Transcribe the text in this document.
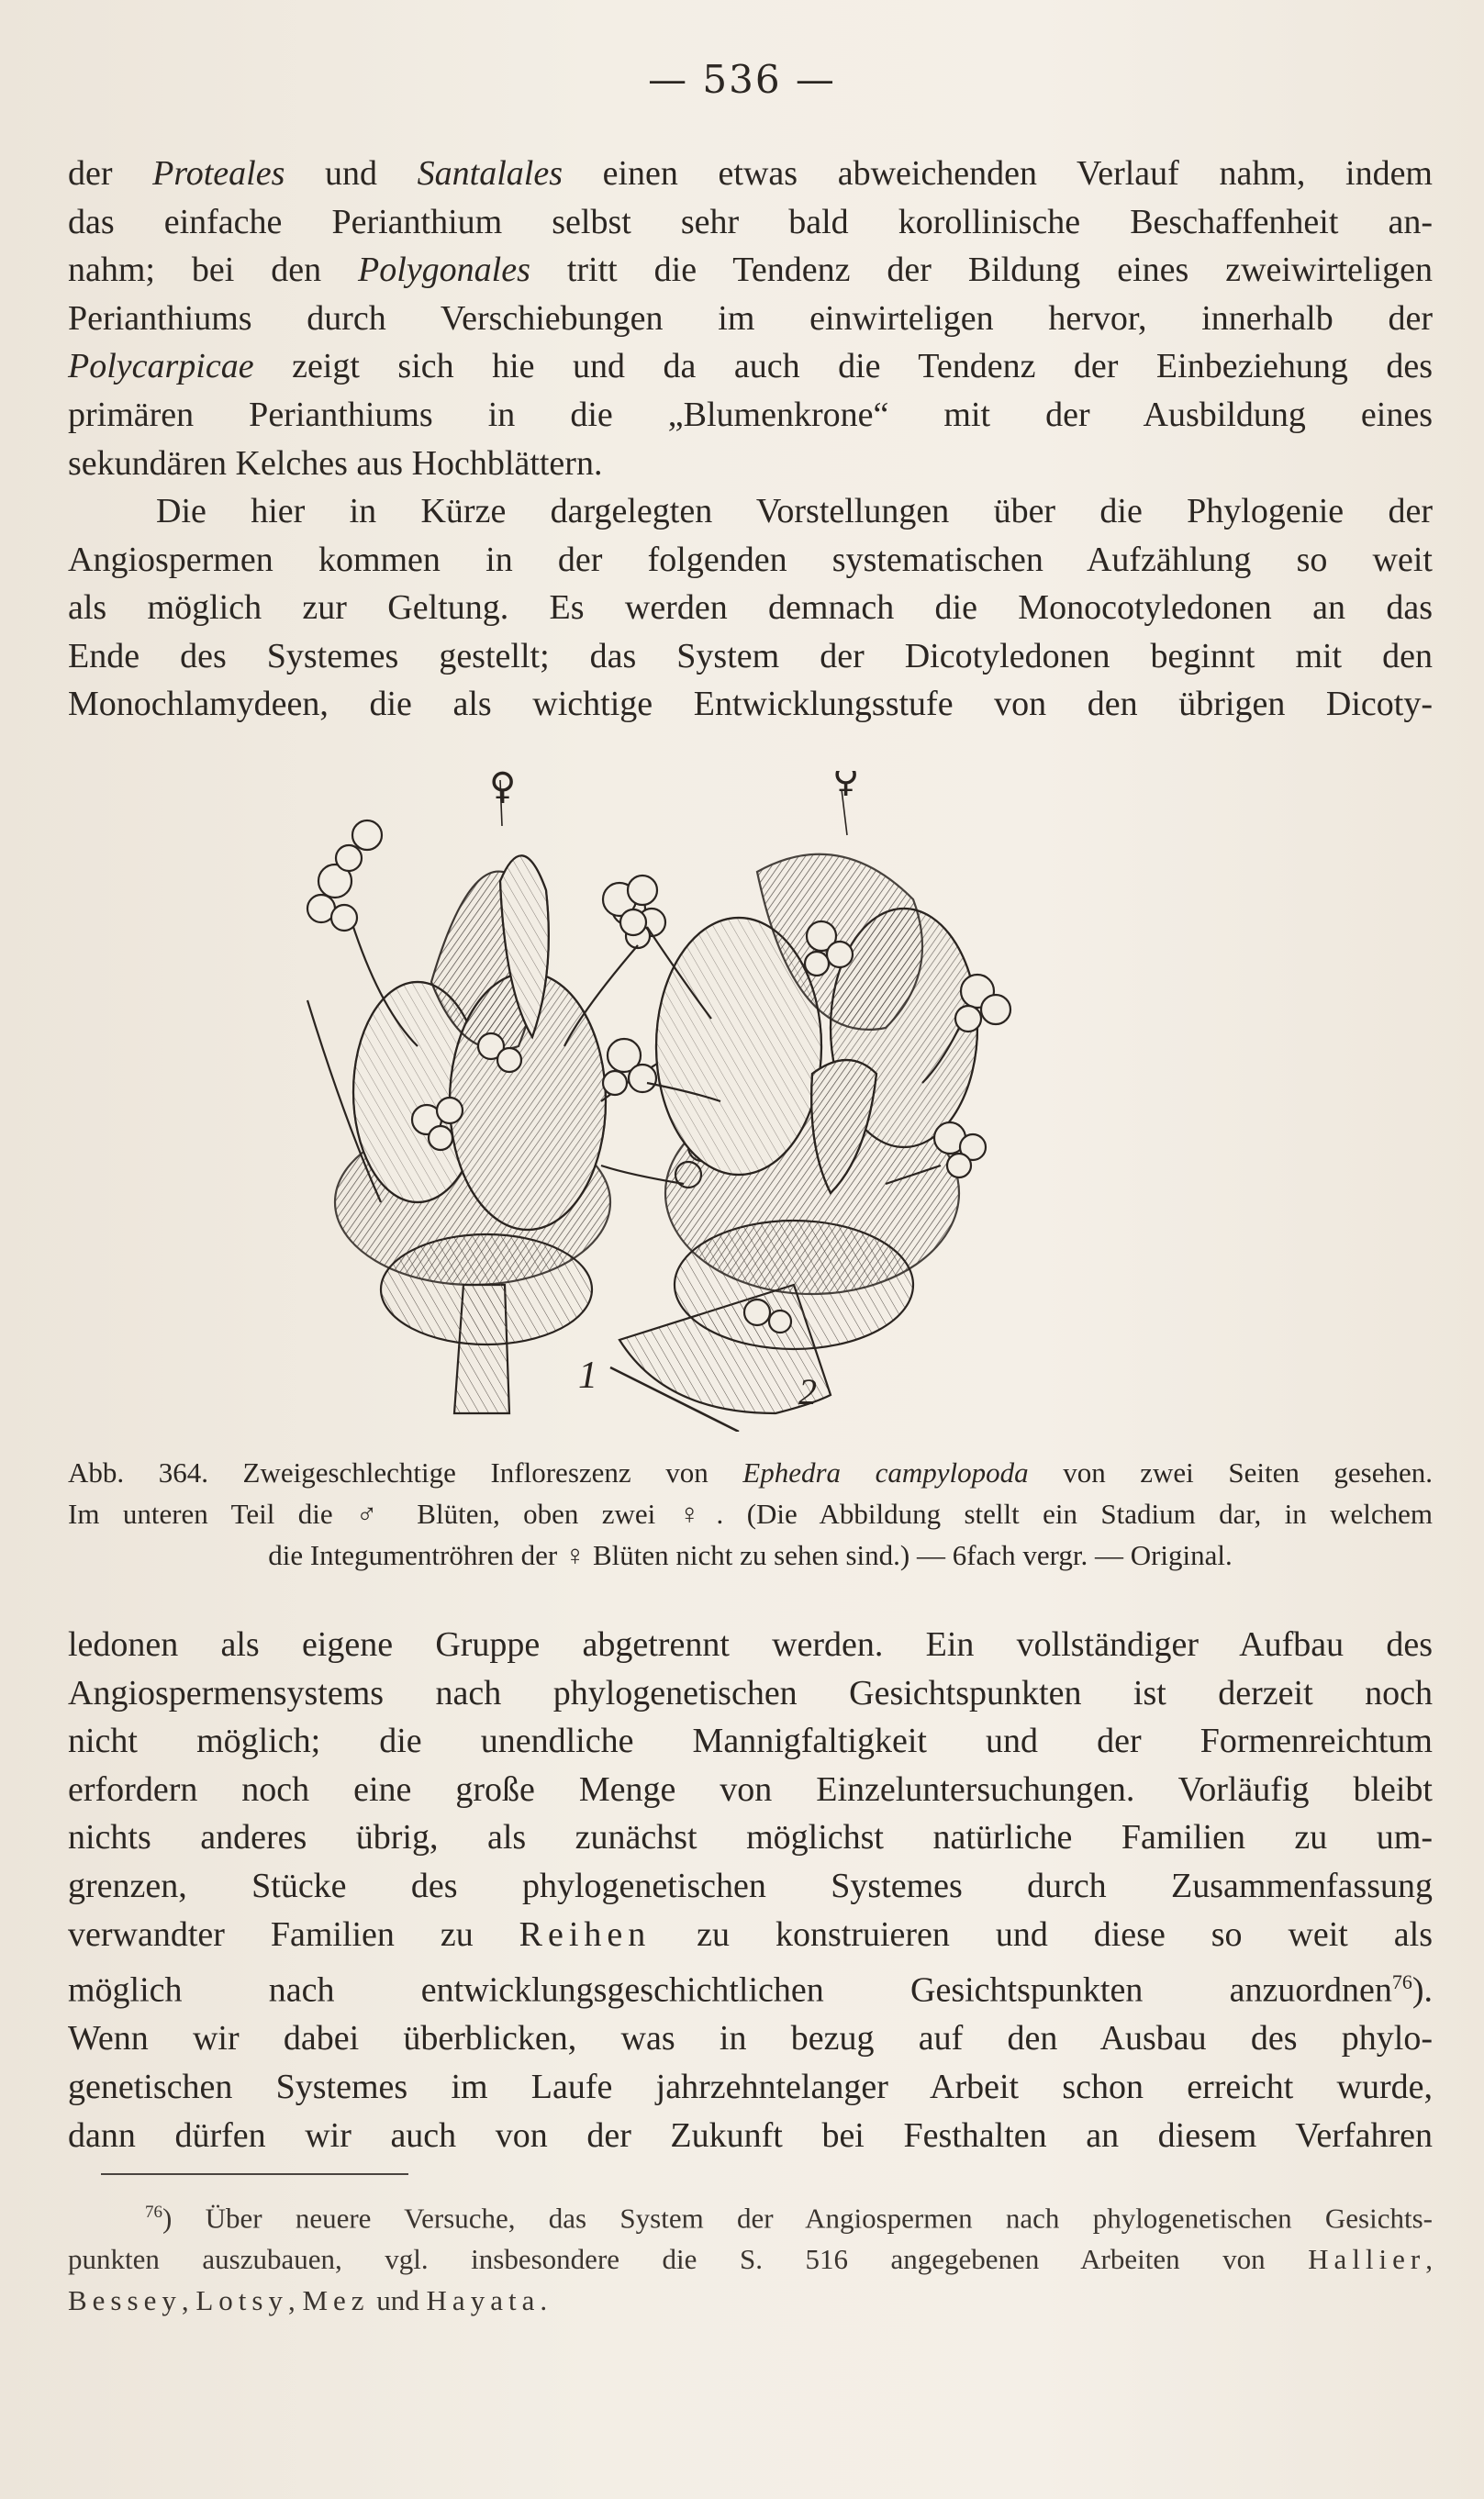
— 536 —

der Proteales und Santalales einen etwas abweichenden Verlauf nahm, indem
das einfache Perianthium selbst sehr bald korollinische Beschaffenheit an-
nahm; bei den Polygonales tritt die Tendenz der Bildung eines zweiwirteligen
Perianthiums durch Verschiebungen im einwirteligen hervor, innerhalb der
Polycarpicae zeigt sich hie und da auch die Tendenz der Einbeziehung des
primären Perianthiums in die „Blumenkrone“ mit der Ausbildung eines
sekundären Kelches aus Hochblättern.

Die hier in Kürze dargelegten Vorstellungen über die Phylogenie der
Angiospermen kommen in der folgenden systematischen Aufzählung so weit
als möglich zur Geltung. Es werden demnach die Monocotyledonen an das
Ende des Systemes gestellt; das System der Dicotyledonen beginnt mit den
Monochlamydeen, die als wichtige Entwicklungsstufe von den übrigen Dicoty-

♀	♀
1	2

Abb. 364. Zweigeschlechtige Infloreszenz von Ephedra campylopoda von zwei Seiten gesehen.
Im unteren Teil die ♂ Blüten, oben zwei ♀. (Die Abbildung stellt ein Stadium dar, in welchem
die Integumentröhren der ♀ Blüten nicht zu sehen sind.) — 6fach vergr. — Original.

ledonen als eigene Gruppe abgetrennt werden. Ein vollständiger Aufbau des
Angiospermensystems nach phylogenetischen Gesichtspunkten ist derzeit noch
nicht möglich; die unendliche Mannigfaltigkeit und der Formenreichtum
erfordern noch eine große Menge von Einzeluntersuchungen. Vorläufig bleibt
nichts anderes übrig, als zunächst möglichst natürliche Familien zu um-
grenzen, Stücke des phylogenetischen Systemes durch Zusammenfassung
verwandter Familien zu Reihen zu konstruieren und diese so weit als
möglich nach entwicklungsgeschichtlichen Gesichtspunkten anzuordnen$^{76}$).
Wenn wir dabei überblicken, was in bezug auf den Ausbau des phylo-
genetischen Systemes im Laufe jahrzehntelanger Arbeit schon erreicht wurde,
dann dürfen wir auch von der Zukunft bei Festhalten an diesem Verfahren

$^{76}$) Über neuere Versuche, das System der Angiospermen nach phylogenetischen Gesichts-
punkten auszubauen, vgl. insbesondere die S. 516 angegebenen Arbeiten von Hallier,
Bessey, Lotsy, Mez und Hayata.
